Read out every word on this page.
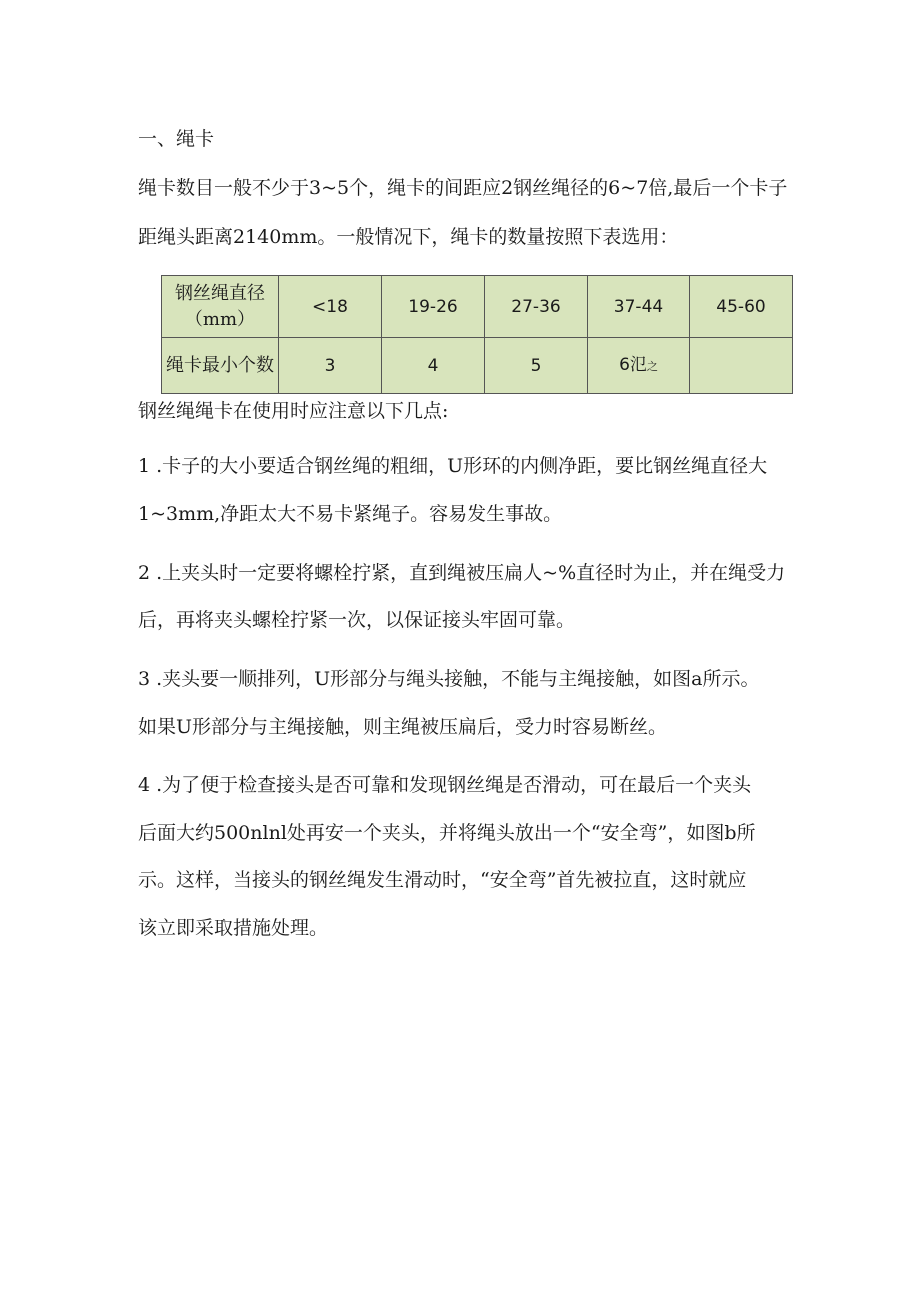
一、绳卡
绳卡数目一般不少于3~5个，绳卡的间距应2钢丝绳径的6~7倍,最后一个卡子
距绳头距离2140mm。一般情况下，绳卡的数量按照下表选用：
钢丝绳直径（mm）	<18	19-26	27-36	37-44	45-60
绳卡最小个数	3	4	5	6氾之	
钢丝绳绳卡在使用时应注意以下几点:
1 .卡子的大小要适合钢丝绳的粗细，U形环的内侧净距，要比钢丝绳直径大
1~3mm,净距太大不易卡紧绳子。容易发生事故。
2 .上夹头时一定要将螺栓拧紧，直到绳被压扁人~%直径时为止，并在绳受力
后，再将夹头螺栓拧紧一次，以保证接头牢固可靠。
3 .夹头要一顺排列，U形部分与绳头接触，不能与主绳接触，如图a所示。
如果U形部分与主绳接触，则主绳被压扁后，受力时容易断丝。
4 .为了便于检查接头是否可靠和发现钢丝绳是否滑动，可在最后一个夹头
后面大约500nlnl处再安一个夹头，并将绳头放出一个“安全弯”，如图b所
示。这样，当接头的钢丝绳发生滑动时，“安全弯”首先被拉直，这时就应
该立即采取措施处理。
